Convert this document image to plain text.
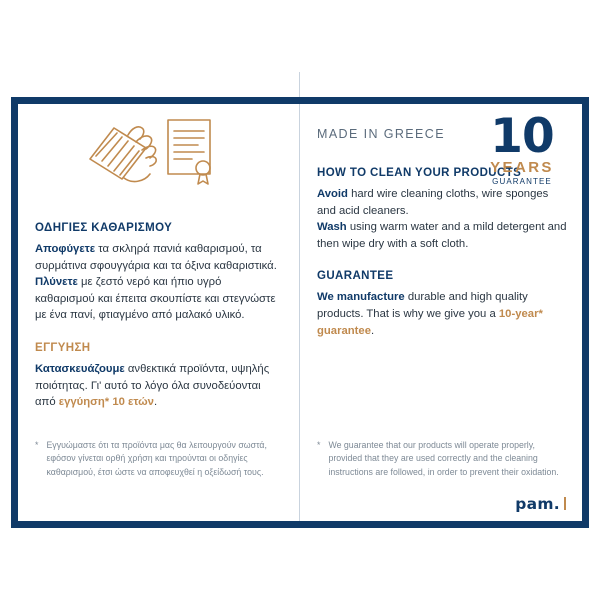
ΟΔΗΓΙΕΣ ΚΑΘΑΡΙΣΜΟΥ
Αποφύγετε τα σκληρά πανιά καθαρισμού, τα συρμάτινα σφουγγάρια και τα όξινα καθαριστικά.
Πλύνετε με ζεστό νερό και ήπιο υγρό καθαρισμού και έπειτα σκουπίστε και στεγνώστε με ένα πανί, φτιαγμένο από μαλακό υλικό.
ΕΓΓΥΗΣΗ
Κατασκευάζουμε ανθεκτικά προϊόντα, υψηλής ποιότητας. Γι' αυτό το λόγο όλα συνοδεύονται από εγγύηση* 10 ετών.
* Εγγυώμαστε ότι τα προϊόντα μας θα λειτουργούν σωστά, εφόσον γίνεται ορθή χρήση και τηρούνται οι οδηγίες καθαρισμού, έτσι ώστε να αποφευχθεί η οξείδωσή τους.
MADE IN GREECE 10
YEARS
GUARANTEE
HOW TO CLEAN YOUR PRODUCTS
Avoid hard wire cleaning cloths, wire sponges and acid cleaners.
Wash using warm water and a mild detergent and then wipe dry with a soft cloth.
GUARANTEE
We manufacture durable and high quality products. That is why we give you a 10-year* guarantee.
* We guarantee that our products will operate properly, provided that they are used correctly and the cleaning instructions are followed, in order to prevent their oxidation.
pam.
